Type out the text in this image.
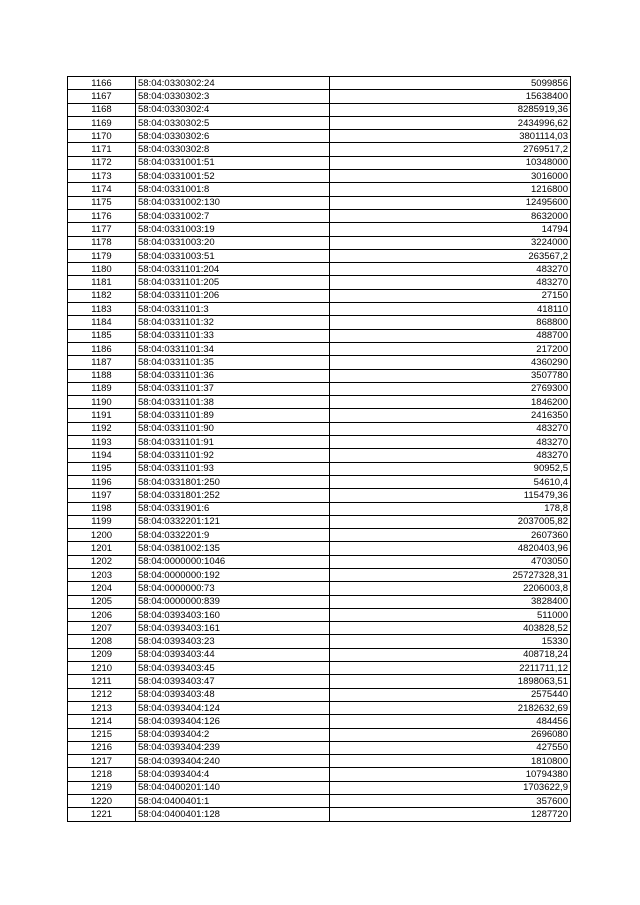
1166	58:04:0330302:24	5099856
1167	58:04:0330302:3	15638400
1168	58:04:0330302:4	8285919,36
1169	58:04:0330302:5	2434996,62
1170	58:04:0330302:6	3801114,03
1171	58:04:0330302:8	2769517,2
1172	58:04:0331001:51	10348000
1173	58:04:0331001:52	3016000
1174	58:04:0331001:8	1216800
1175	58:04:0331002:130	12495600
1176	58:04:0331002:7	8632000
1177	58:04:0331003:19	14794
1178	58:04:0331003:20	3224000
1179	58:04:0331003:51	263567,2
1180	58:04:0331101:204	483270
1181	58:04:0331101:205	483270
1182	58:04:0331101:206	27150
1183	58:04:0331101:3	418110
1184	58:04:0331101:32	868800
1185	58:04:0331101:33	488700
1186	58:04:0331101:34	217200
1187	58:04:0331101:35	4360290
1188	58:04:0331101:36	3507780
1189	58:04:0331101:37	2769300
1190	58:04:0331101:38	1846200
1191	58:04:0331101:89	2416350
1192	58:04:0331101:90	483270
1193	58:04:0331101:91	483270
1194	58:04:0331101:92	483270
1195	58:04:0331101:93	90952,5
1196	58:04:0331801:250	54610,4
1197	58:04:0331801:252	115479,36
1198	58:04:0331901:6	178,8
1199	58:04:0332201:121	2037005,82
1200	58:04:0332201:9	2607360
1201	58:04:0381002:135	4820403,96
1202	58:04:0000000:1046	4703050
1203	58:04:0000000:192	25727328,31
1204	58:04:0000000:73	2206003,8
1205	58:04:0000000:839	3828400
1206	58:04:0393403:160	511000
1207	58:04:0393403:161	403828,52
1208	58:04:0393403:23	15330
1209	58:04:0393403:44	408718,24
1210	58:04:0393403:45	2211711,12
1211	58:04:0393403:47	1898063,51
1212	58:04:0393403:48	2575440
1213	58:04:0393404:124	2182632,69
1214	58:04:0393404:126	484456
1215	58:04:0393404:2	2696080
1216	58:04:0393404:239	427550
1217	58:04:0393404:240	1810800
1218	58:04:0393404:4	10794380
1219	58:04:0400201:140	1703622,9
1220	58:04:0400401:1	357600
1221	58:04:0400401:128	1287720
